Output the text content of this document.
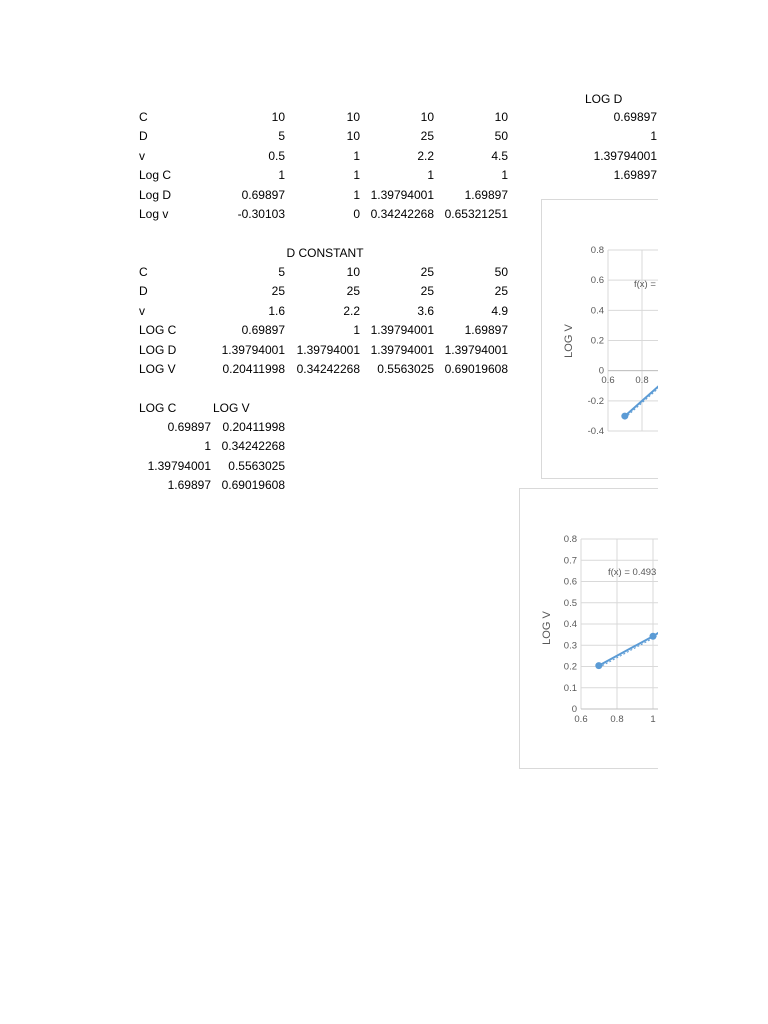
C	10	10	10	10
D	5	10	25	50
v	0.5	1	2.2	4.5
Log C	1	1	1	1
Log D	0.69897	1 1.39794001	1.69897
Log v	-0.30103	0 0.34242268 0.65321251
LOG D
0.69897
1
1.39794001
1.69897
D CONSTANT
C	5	10	25	50
D	25	25	25	25
v	1.6	2.2	3.6	4.9
LOG C	0.69897	1 1.39794001	1.69897
LOG D	1.39794001 1.39794001 1.39794001 1.39794001
LOG V	0.20411998 0.34242268	0.5563025 0.69019608
LOG C	LOG V
0.69897 0.20411998
1 0.34242268
1.39794001	0.5563025
1.69897 0.69019608
0.8
0.6
0.4
0.2
0
-0.2
-0.4
0.6 0.8
LOG V
f(x) =
0.8
0.7
0.6
0.5
0.4
0.3
0.2
0.1
0
0.6 0.8	1
LOG V
f(x) = 0.493
